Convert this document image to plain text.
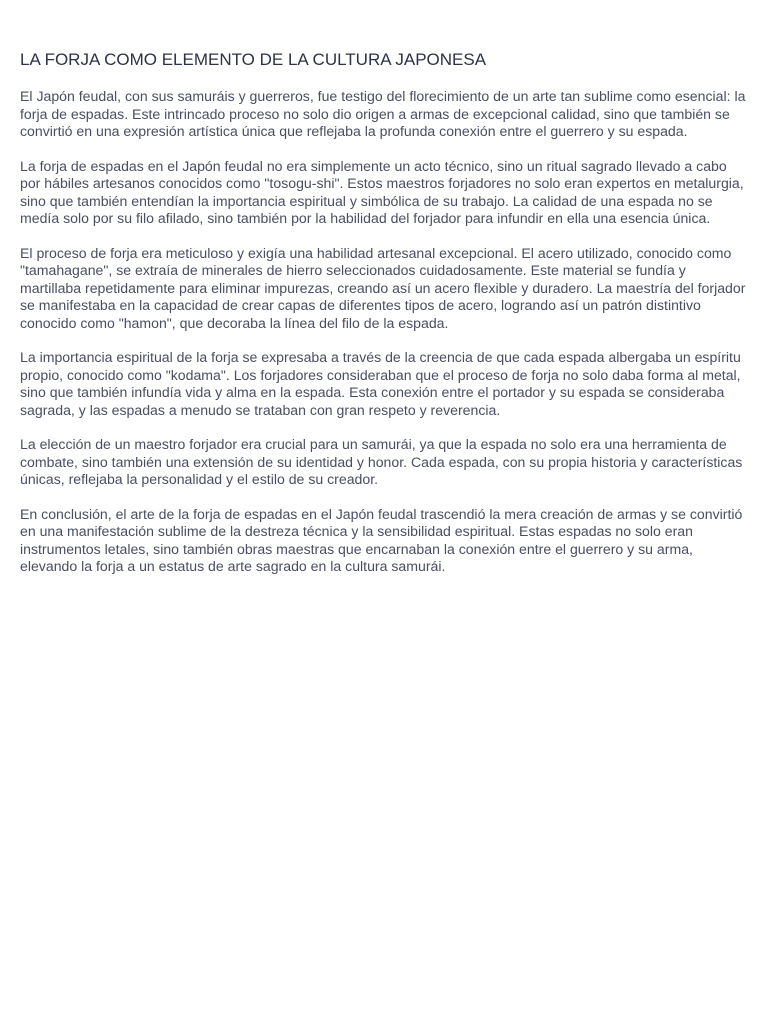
LA FORJA COMO ELEMENTO DE LA CULTURA JAPONESA

El Japón feudal, con sus samuráis y guerreros, fue testigo del florecimiento de un arte tan sublime como esencial: la forja de espadas. Este intrincado proceso no solo dio origen a armas de excepcional calidad, sino que también se convirtió en una expresión artística única que reflejaba la profunda conexión entre el guerrero y su espada.

La forja de espadas en el Japón feudal no era simplemente un acto técnico, sino un ritual sagrado llevado a cabo por hábiles artesanos conocidos como "tosogu-shi". Estos maestros forjadores no solo eran expertos en metalurgia, sino que también entendían la importancia espiritual y simbólica de su trabajo. La calidad de una espada no se medía solo por su filo afilado, sino también por la habilidad del forjador para infundir en ella una esencia única.

El proceso de forja era meticuloso y exigía una habilidad artesanal excepcional. El acero utilizado, conocido como "tamahagane", se extraía de minerales de hierro seleccionados cuidadosamente. Este material se fundía y martillaba repetidamente para eliminar impurezas, creando así un acero flexible y duradero. La maestría del forjador se manifestaba en la capacidad de crear capas de diferentes tipos de acero, logrando así un patrón distintivo conocido como "hamon", que decoraba la línea del filo de la espada.

La importancia espiritual de la forja se expresaba a través de la creencia de que cada espada albergaba un espíritu propio, conocido como "kodama". Los forjadores consideraban que el proceso de forja no solo daba forma al metal, sino que también infundía vida y alma en la espada. Esta conexión entre el portador y su espada se consideraba sagrada, y las espadas a menudo se trataban con gran respeto y reverencia.

La elección de un maestro forjador era crucial para un samurái, ya que la espada no solo era una herramienta de combate, sino también una extensión de su identidad y honor. Cada espada, con su propia historia y características únicas, reflejaba la personalidad y el estilo de su creador.

En conclusión, el arte de la forja de espadas en el Japón feudal trascendió la mera creación de armas y se convirtió en una manifestación sublime de la destreza técnica y la sensibilidad espiritual. Estas espadas no solo eran instrumentos letales, sino también obras maestras que encarnaban la conexión entre el guerrero y su arma, elevando la forja a un estatus de arte sagrado en la cultura samurái.
